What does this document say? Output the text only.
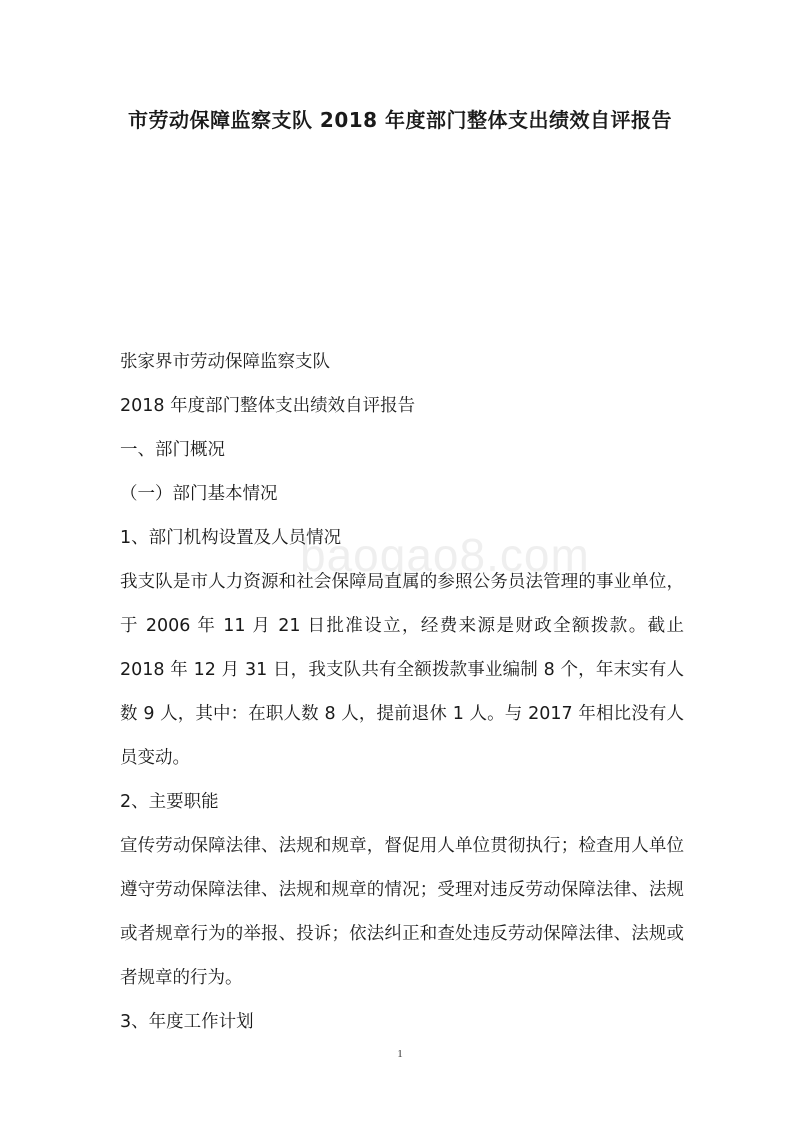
市劳动保障监察支队 2018 年度部门整体支出绩效自评报告
baogao8.com

张家界市劳动保障监察支队

2018 年度部门整体支出绩效自评报告

一、部门概况

（一）部门基本情况

1、部门机构设置及人员情况

我支队是市人力资源和社会保障局直属的参照公务员法管理的事业单位，于 2006 年 11 月 21 日批准设立，经费来源是财政全额拨款。截止 2018 年 12 月 31 日，我支队共有全额拨款事业编制 8 个，年末实有人数 9 人，其中：在职人数 8 人，提前退休 1 人。与 2017 年相比没有人员变动。

2、主要职能

宣传劳动保障法律、法规和规章，督促用人单位贯彻执行；检查用人单位遵守劳动保障法律、法规和规章的情况；受理对违反劳动保障法律、法规或者规章行为的举报、投诉；依法纠正和查处违反劳动保障法律、法规或者规章的行为。

3、年度工作计划

1
